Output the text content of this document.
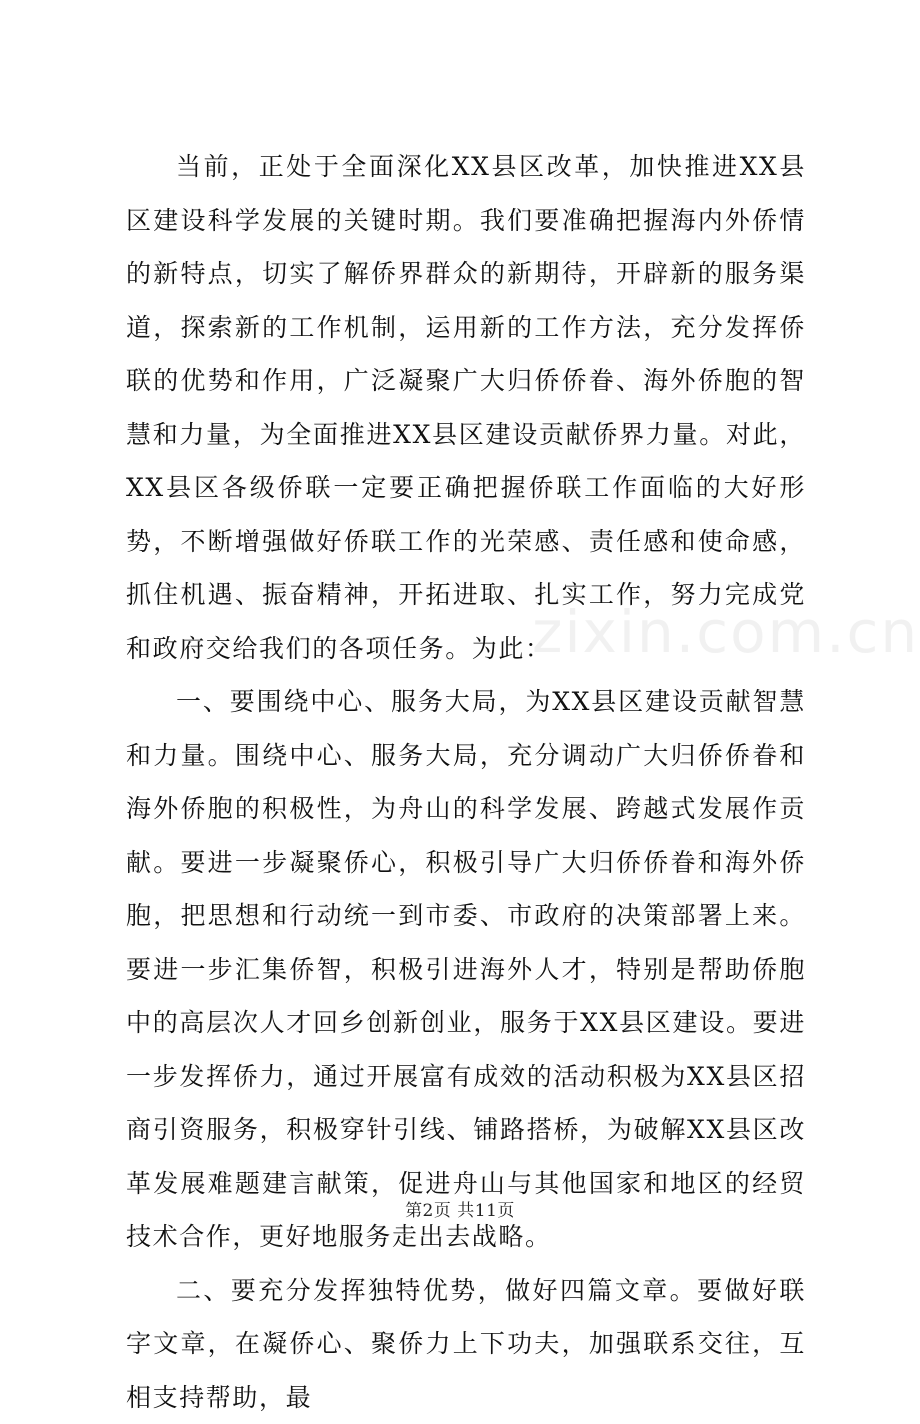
zixin.com.cn

当前，正处于全面深化XX县区改革，加快推进XX县区建设科学发展的关键时期。我们要准确把握海内外侨情的新特点，切实了解侨界群众的新期待，开辟新的服务渠道，探索新的工作机制，运用新的工作方法，充分发挥侨联的优势和作用，广泛凝聚广大归侨侨眷、海外侨胞的智慧和力量，为全面推进XX县区建设贡献侨界力量。对此，XX县区各级侨联一定要正确把握侨联工作面临的大好形势，不断增强做好侨联工作的光荣感、责任感和使命感，抓住机遇、振奋精神，开拓进取、扎实工作，努力完成党和政府交给我们的各项任务。为此：

一、要围绕中心、服务大局，为XX县区建设贡献智慧和力量。围绕中心、服务大局，充分调动广大归侨侨眷和海外侨胞的积极性，为舟山的科学发展、跨越式发展作贡献。要进一步凝聚侨心，积极引导广大归侨侨眷和海外侨胞，把思想和行动统一到市委、市政府的决策部署上来。要进一步汇集侨智，积极引进海外人才，特别是帮助侨胞中的高层次人才回乡创新创业，服务于XX县区建设。要进一步发挥侨力，通过开展富有成效的活动积极为XX县区招商引资服务，积极穿针引线、铺路搭桥，为破解XX县区改革发展难题建言献策，促进舟山与其他国家和地区的经贸技术合作，更好地服务走出去战略。

二、要充分发挥独特优势，做好四篇文章。要做好联字文章，在凝侨心、聚侨力上下功夫，加强联系交往，互相支持帮助，最

第2页 共11页
